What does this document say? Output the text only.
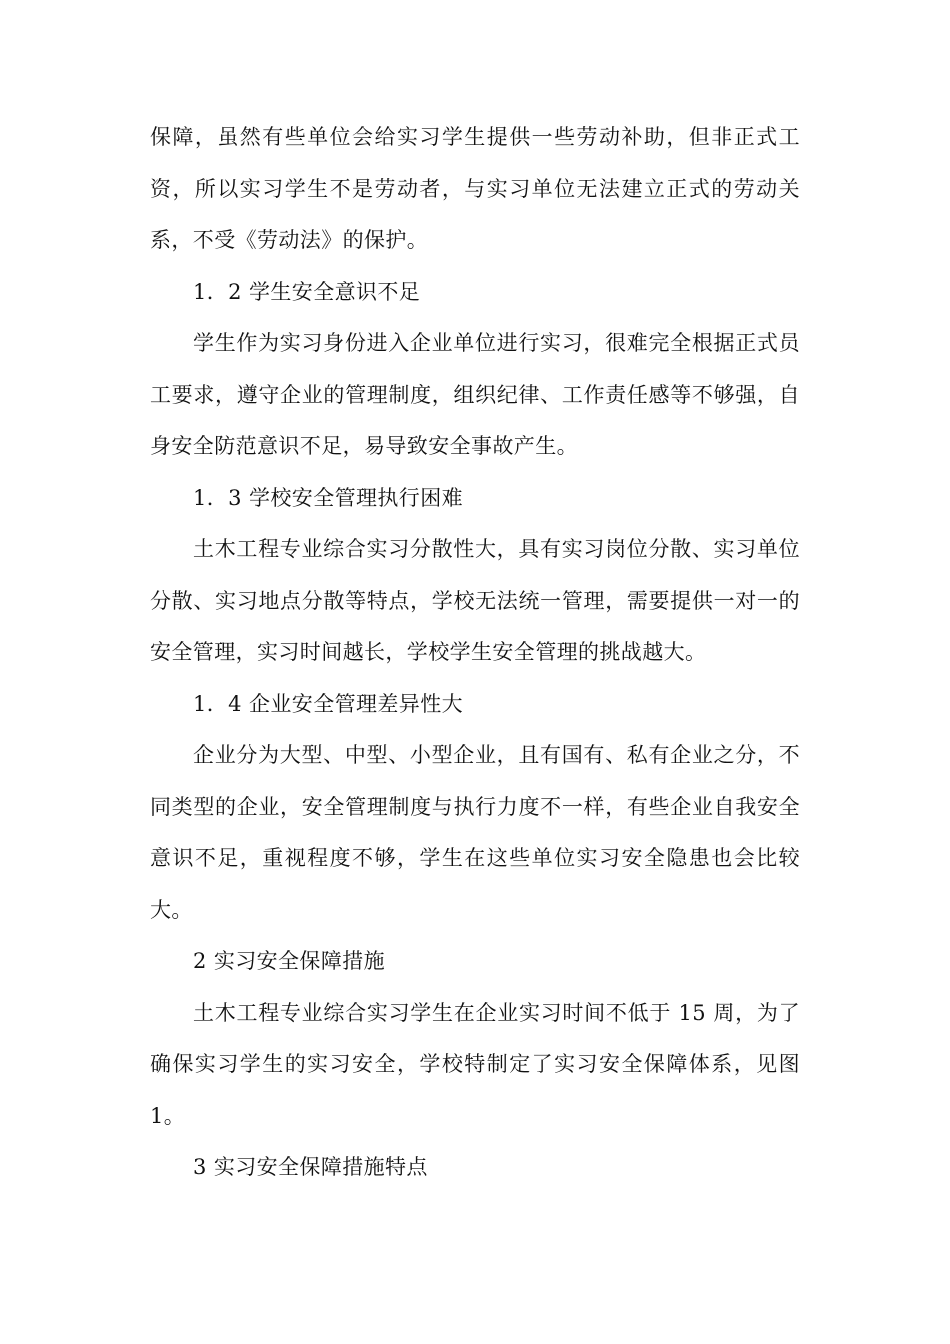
保障，虽然有些单位会给实习学生提供一些劳动补助，但非正式工资，所以实习学生不是劳动者，与实习单位无法建立正式的劳动关系，不受《劳动法》的保护。

1．2 学生安全意识不足

学生作为实习身份进入企业单位进行实习，很难完全根据正式员工要求，遵守企业的管理制度，组织纪律、工作责任感等不够强，自身安全防范意识不足，易导致安全事故产生。

1．3 学校安全管理执行困难

土木工程专业综合实习分散性大，具有实习岗位分散、实习单位分散、实习地点分散等特点，学校无法统一管理，需要提供一对一的安全管理，实习时间越长，学校学生安全管理的挑战越大。

1．4 企业安全管理差异性大

企业分为大型、中型、小型企业，且有国有、私有企业之分，不同类型的企业，安全管理制度与执行力度不一样，有些企业自我安全意识不足，重视程度不够，学生在这些单位实习安全隐患也会比较大。

2 实习安全保障措施

土木工程专业综合实习学生在企业实习时间不低于 15 周，为了确保实习学生的实习安全，学校特制定了实习安全保障体系，见图 1。

3 实习安全保障措施特点
